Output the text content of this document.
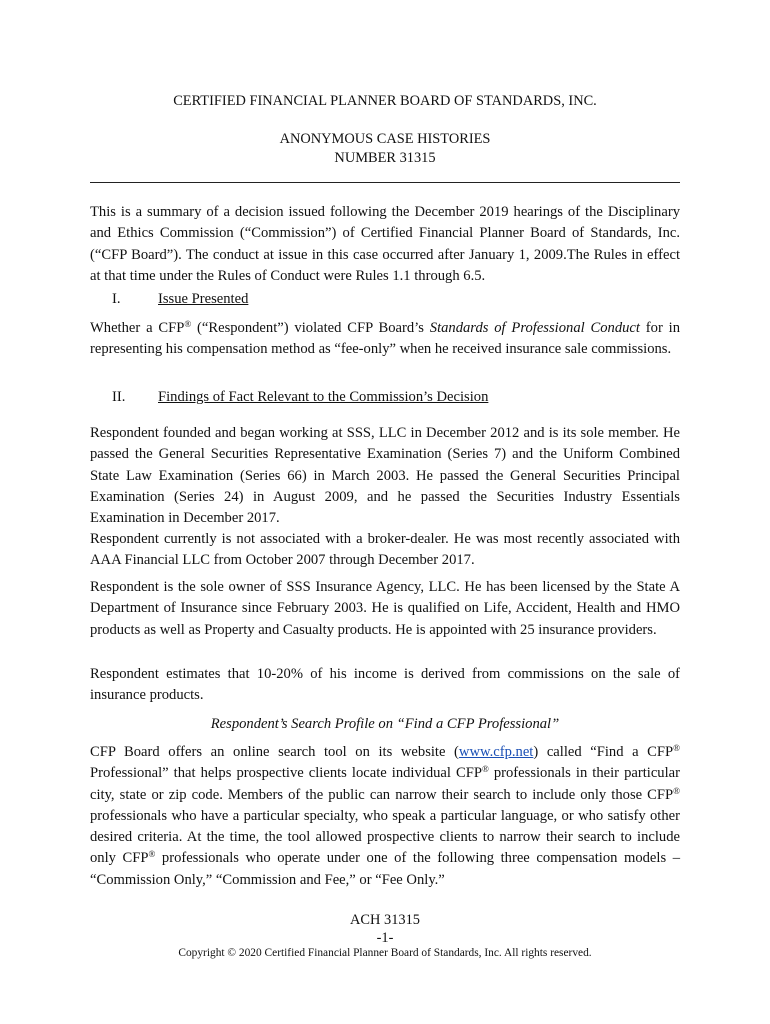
CERTIFIED FINANCIAL PLANNER BOARD OF STANDARDS, INC.
ANONYMOUS CASE HISTORIES
NUMBER 31315

This is a summary of a decision issued following the December 2019 hearings of the Disciplinary and Ethics Commission (“Commission”) of Certified Financial Planner Board of Standards, Inc. (“CFP Board”). The conduct at issue in this case occurred after January 1, 2009.The Rules in effect at that time under the Rules of Conduct were Rules 1.1 through 6.5.

I.	Issue Presented

Whether a CFP® (“Respondent”) violated CFP Board’s Standards of Professional Conduct for in representing his compensation method as “fee-only” when he received insurance sale commissions.

II. Findings of Fact Relevant to the Commission’s Decision

Respondent founded and began working at SSS, LLC in December 2012 and is its sole member. He passed the General Securities Representative Examination (Series 7) and the Uniform Combined State Law Examination (Series 66) in March 2003. He passed the General Securities Principal Examination (Series 24) in August 2009, and he passed the Securities Industry Essentials Examination in December 2017.

Respondent currently is not associated with a broker-dealer. He was most recently associated with AAA Financial LLC from October 2007 through December 2017.

Respondent is the sole owner of SSS Insurance Agency, LLC. He has been licensed by the State A Department of Insurance since February 2003. He is qualified on Life, Accident, Health and HMO products as well as Property and Casualty products. He is appointed with 25 insurance providers.

Respondent estimates that 10-20% of his income is derived from commissions on the sale of insurance products.

Respondent’s Search Profile on “Find a CFP Professional”

CFP Board offers an online search tool on its website (www.cfp.net) called “Find a CFP® Professional” that helps prospective clients locate individual CFP® professionals in their particular city, state or zip code. Members of the public can narrow their search to include only those CFP® professionals who have a particular specialty, who speak a particular language, or who satisfy other desired criteria. At the time, the tool allowed prospective clients to narrow their search to include only CFP® professionals who operate under one of the following three compensation models – “Commission Only,” “Commission and Fee,” or “Fee Only.”

ACH 31315
-1-
Copyright © 2020 Certified Financial Planner Board of Standards, Inc. All rights reserved.
